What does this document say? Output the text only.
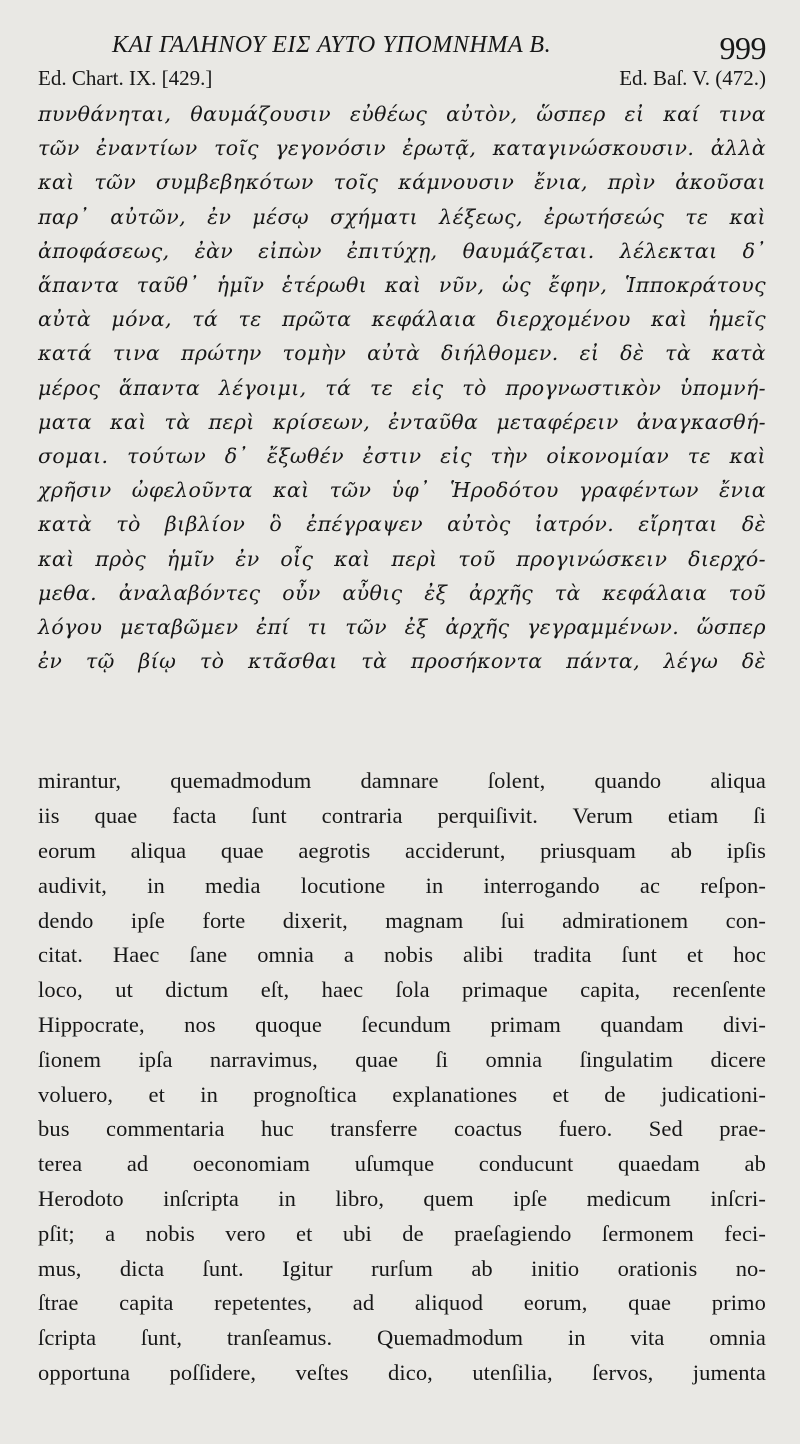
ΚΑΙ ΓΑΛΗΝΟΥ ΕΙΣ ΑΥΤΟ ΥΠΟΜΝΗΜΑ Β.	999
Ed. Chart. IX. [429.]	Ed. Baſ. V. (472.)
πυνθάνηται, θαυμάζουσιν εὐθέως αὐτὸν, ὥσπερ εἰ καί τινα
τῶν ἐναντίων τοῖς γεγονόσιν ἐρωτᾷ, καταγινώσκουσιν. ἀλλὰ
καὶ τῶν συμβεβηκότων τοῖς κάμνουσιν ἔνια, πρὶν ἀκοῦσαι
παρ᾽ αὐτῶν, ἐν μέσῳ σχήματι λέξεως, ἐρωτήσεώς τε καὶ
ἀποφάσεως, ἐὰν εἰπὼν ἐπιτύχῃ, θαυμάζεται. λέλεκται δ᾽
ἅπαντα ταῦθ᾽ ἡμῖν ἑτέρωθι καὶ νῦν, ὡς ἔφην, Ἱπποκράτους
αὐτὰ μόνα, τά τε πρῶτα κεφάλαια διερχομένου καὶ ἡμεῖς
κατά τινα πρώτην τομὴν αὐτὰ διήλθομεν. εἰ δὲ τὰ κατὰ
μέρος ἅπαντα λέγοιμι, τά τε εἰς τὸ προγνωστικὸν ὑπομνή-
ματα καὶ τὰ περὶ κρίσεων, ἐνταῦθα μεταφέρειν ἀναγκασθή-
σομαι. τούτων δ᾽ ἔξωθέν ἐστιν εἰς τὴν οἰκονομίαν τε καὶ
χρῆσιν ὠφελοῦντα καὶ τῶν ὑφ᾽ Ἡροδότου γραφέντων ἔνια
κατὰ τὸ βιβλίον ὃ ἐπέγραψεν αὐτὸς ἰατρόν. εἴρηται δὲ
καὶ πρὸς ἡμῖν ἐν οἷς καὶ περὶ τοῦ προγινώσκειν διερχό-
μεθα. ἀναλαβόντες οὖν αὖθις ἐξ ἀρχῆς τὰ κεφάλαια τοῦ
λόγου μεταβῶμεν ἐπί τι τῶν ἐξ ἀρχῆς γεγραμμένων. ὥσπερ
ἐν τῷ βίῳ τὸ κτᾶσθαι τὰ προσήκοντα πάντα, λέγω δὲ
mirantur, quemadmodum damnare ſolent, quando aliqua
iis quae facta ſunt contraria perquiſivit. Verum etiam ſi
eorum aliqua quae aegrotis acciderunt, priusquam ab ipſis
audivit, in media locutione in interrogando ac reſpon-
dendo ipſe forte dixerit, magnam ſui admirationem con-
citat. Haec ſane omnia a nobis alibi tradita ſunt et hoc
loco, ut dictum eſt, haec ſola primaque capita, recenſente
Hippocrate, nos quoque ſecundum primam quandam divi-
ſionem ipſa narravimus, quae ſi omnia ſingulatim dicere
voluero, et in prognoſtica explanationes et de judicationi-
bus commentaria huc transferre coactus fuero. Sed prae-
terea ad oeconomiam uſumque conducunt quaedam ab
Herodoto inſcripta in libro, quem ipſe medicum inſcri-
pſit; a nobis vero et ubi de praeſagiendo ſermonem feci-
mus, dicta ſunt. Igitur rurſum ab initio orationis no-
ſtrae capita repetentes, ad aliquod eorum, quae primo
ſcripta ſunt, tranſeamus. Quemadmodum in vita omnia
opportuna poſſidere, veſtes dico, utenſilia, ſervos, jumenta
